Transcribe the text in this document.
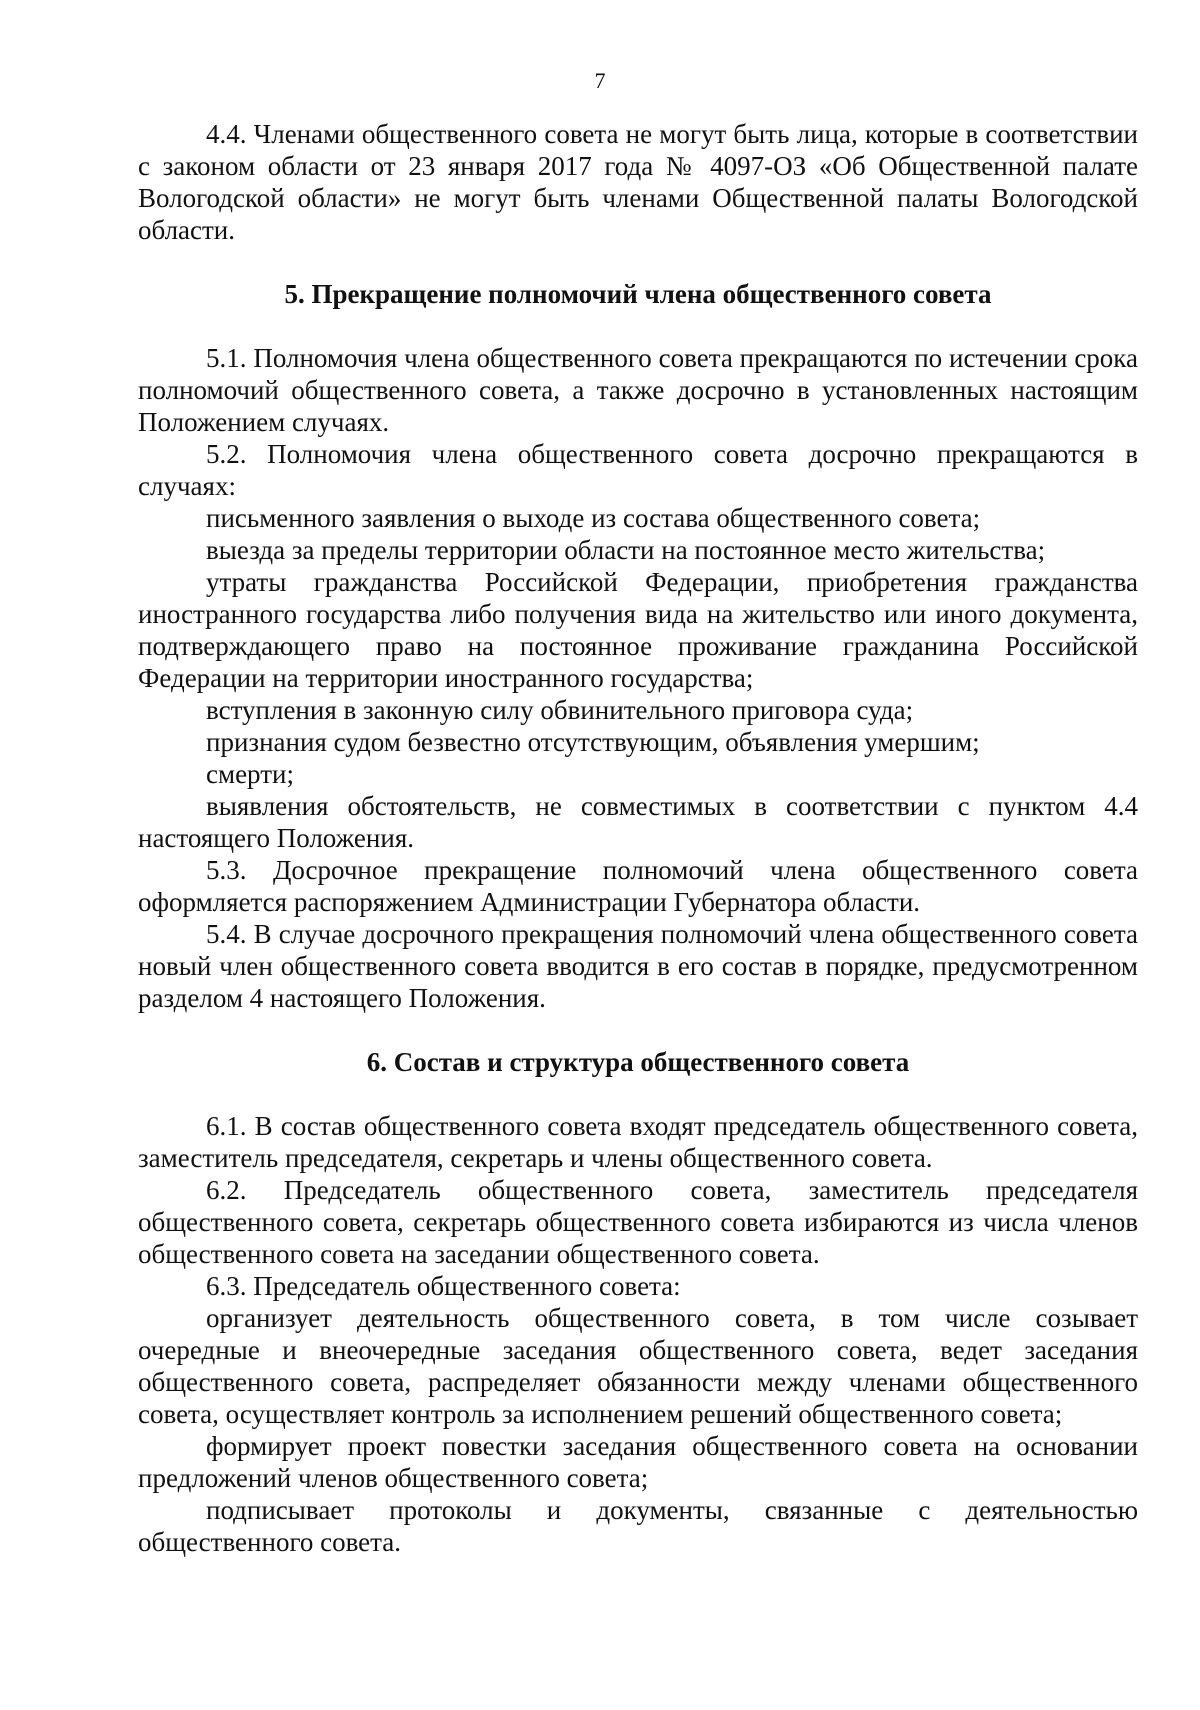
7

4.4. Членами общественного совета не могут быть лица, которые в соответствии с законом области от 23 января 2017 года № 4097-ОЗ «Об Общественной палате Вологодской области» не могут быть членами Общественной палаты Вологодской области.

5. Прекращение полномочий члена общественного совета

5.1. Полномочия члена общественного совета прекращаются по истечении срока полномочий общественного совета, а также досрочно в установленных настоящим Положением случаях.

5.2. Полномочия члена общественного совета досрочно прекращаются в случаях:

письменного заявления о выходе из состава общественного совета;

выезда за пределы территории области на постоянное место жительства;

утраты гражданства Российской Федерации, приобретения гражданства иностранного государства либо получения вида на жительство или иного документа, подтверждающего право на постоянное проживание гражданина Российской Федерации на территории иностранного государства;

вступления в законную силу обвинительного приговора суда;

признания судом безвестно отсутствующим, объявления умершим;

смерти;

выявления обстоятельств, не совместимых в соответствии с пунктом 4.4 настоящего Положения.

5.3. Досрочное прекращение полномочий члена общественного совета оформляется распоряжением Администрации Губернатора области.

5.4. В случае досрочного прекращения полномочий члена общественного совета новый член общественного совета вводится в его состав в порядке, предусмотренном разделом 4 настоящего Положения.

6. Состав и структура общественного совета

6.1. В состав общественного совета входят председатель общественного совета, заместитель председателя, секретарь и члены общественного совета.

6.2. Председатель общественного совета, заместитель председателя общественного совета, секретарь общественного совета избираются из числа членов общественного совета на заседании общественного совета.

6.3. Председатель общественного совета:

организует деятельность общественного совета, в том числе созывает очередные и внеочередные заседания общественного совета, ведет заседания общественного совета, распределяет обязанности между членами общественного совета, осуществляет контроль за исполнением решений общественного совета;

формирует проект повестки заседания общественного совета на основании предложений членов общественного совета;

подписывает протоколы и документы, связанные с деятельностью общественного совета.
